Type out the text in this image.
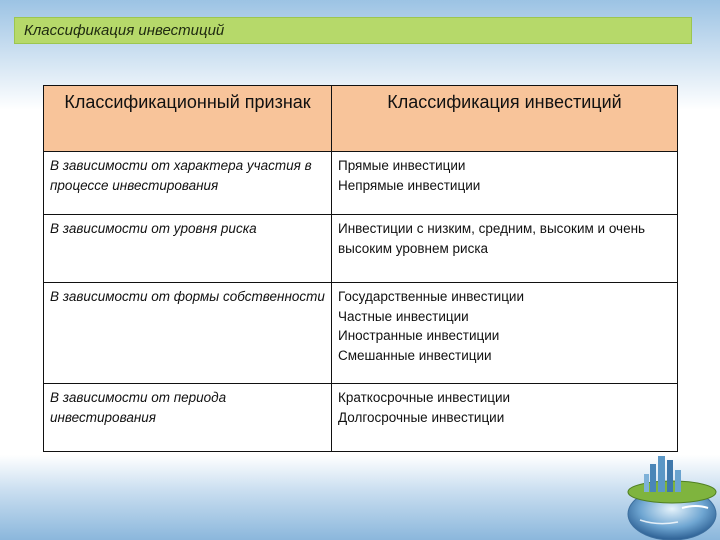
Классификация инвестиций
Классификационный признак	Классификация инвестиций

В зависимости от характера участия в процессе инвестирования	Прямые инвестиции
Непрямые инвестиции

В зависимости от уровня риска	Инвестиции с низким, средним, высоким и очень высоким уровнем риска

В зависимости от формы собственности	Государственные инвестиции
Частные инвестиции
Иностранные инвестиции
Смешанные инвестиции

В зависимости от периода инвестирования	Краткосрочные инвестиции
Долгосрочные инвестиции
